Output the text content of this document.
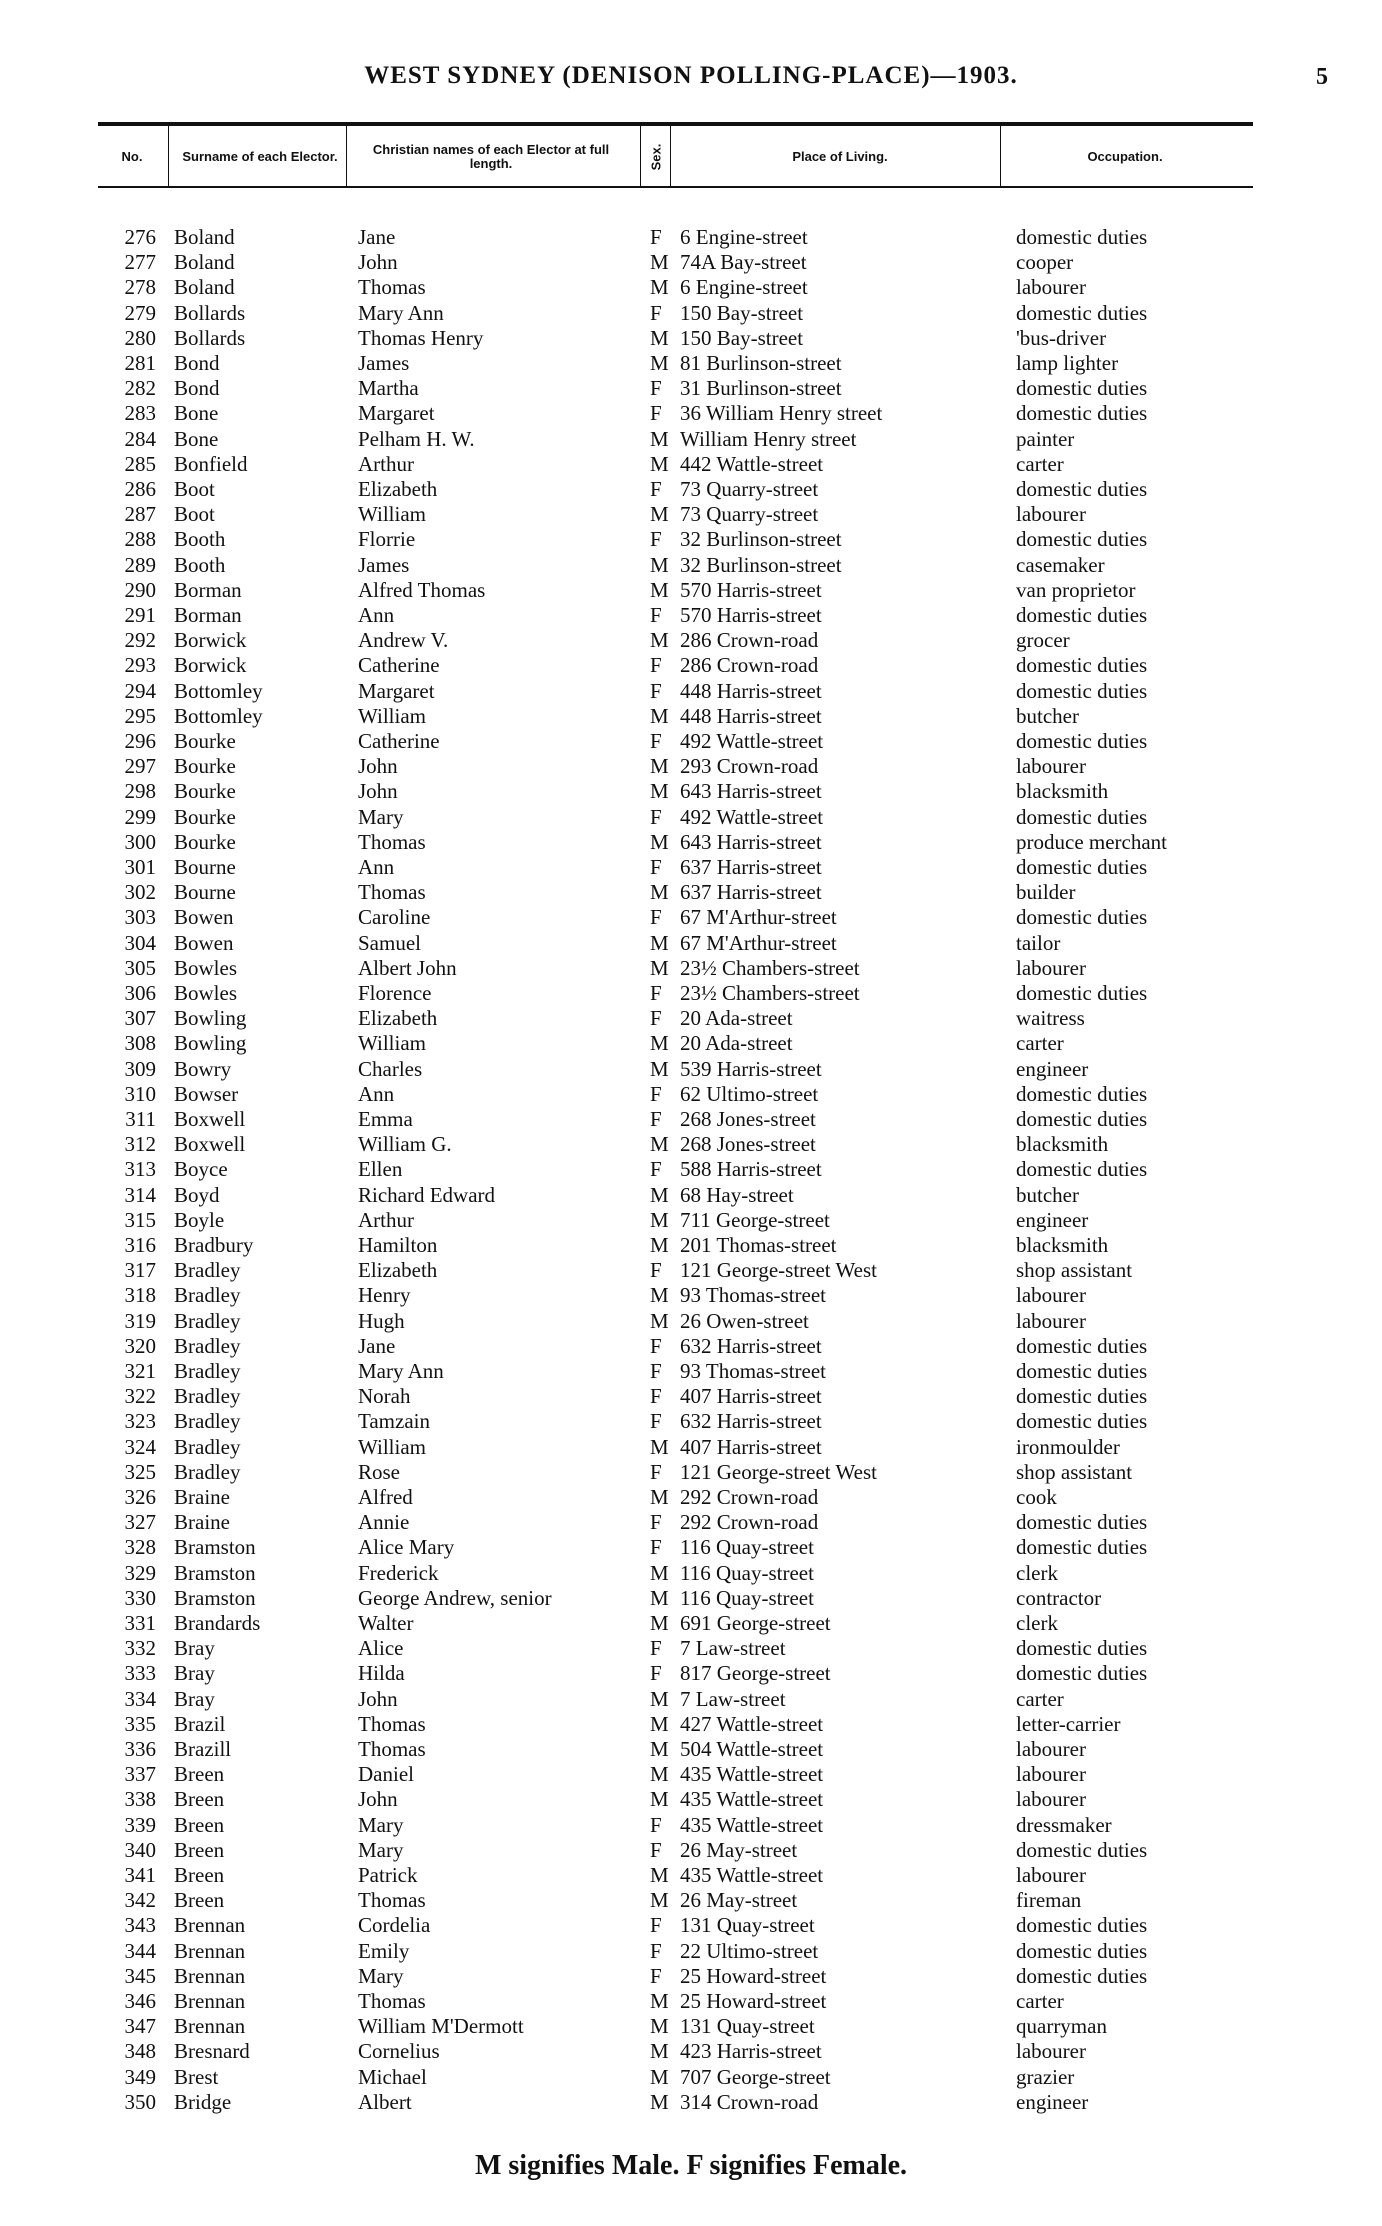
WEST SYDNEY (DENISON POLLING-PLACE)—1903.	5
No.	Surname of each Elector.	Christian names of each Elector at full length.	Sex.	Place of Living.	Occupation.
276 Boland	Jane	F 6 Engine-street	domestic duties
277 Boland	John	M 74A Bay-street	cooper
278 Boland	Thomas	M 6 Engine-street	labourer
279 Bollards	Mary Ann	F 150 Bay-street	domestic duties
280 Bollards	Thomas Henry	M 150 Bay-street	'bus-driver
281 Bond	James	M 81 Burlinson-street	lamp lighter
282 Bond	Martha	F 31 Burlinson-street	domestic duties
283 Bone	Margaret	F 36 William Henry street	domestic duties
284 Bone	Pelham H. W.	M William Henry street	painter
285 Bonfield	Arthur	M 442 Wattle-street	carter
286 Boot	Elizabeth	F 73 Quarry-street	domestic duties
287 Boot	William	M 73 Quarry-street	labourer
288 Booth	Florrie	F 32 Burlinson-street	domestic duties
289 Booth	James	M 32 Burlinson-street	casemaker
290 Borman	Alfred Thomas	M 570 Harris-street	van proprietor
291 Borman	Ann	F 570 Harris-street	domestic duties
292 Borwick	Andrew V.	M 286 Crown-road	grocer
293 Borwick	Catherine	F 286 Crown-road	domestic duties
294 Bottomley	Margaret	F 448 Harris-street	domestic duties
295 Bottomley	William	M 448 Harris-street	butcher
296 Bourke	Catherine	F 492 Wattle-street	domestic duties
297 Bourke	John	M 293 Crown-road	labourer
298 Bourke	John	M 643 Harris-street	blacksmith
299 Bourke	Mary	F 492 Wattle-street	domestic duties
300 Bourke	Thomas	M 643 Harris-street	produce merchant
301 Bourne	Ann	F 637 Harris-street	domestic duties
302 Bourne	Thomas	M 637 Harris-street	builder
303 Bowen	Caroline	F 67 M'Arthur-street	domestic duties
304 Bowen	Samuel	M 67 M'Arthur-street	tailor
305 Bowles	Albert John	M 23½ Chambers-street	labourer
306 Bowles	Florence	F 23½ Chambers-street	domestic duties
307 Bowling	Elizabeth	F 20 Ada-street	waitress
308 Bowling	William	M 20 Ada-street	carter
309 Bowry	Charles	M 539 Harris-street	engineer
310 Bowser	Ann	F 62 Ultimo-street	domestic duties
311 Boxwell	Emma	F 268 Jones-street	domestic duties
312 Boxwell	William G.	M 268 Jones-street	blacksmith
313 Boyce	Ellen	F 588 Harris-street	domestic duties
314 Boyd	Richard Edward	M 68 Hay-street	butcher
315 Boyle	Arthur	M 711 George-street	engineer
316 Bradbury	Hamilton	M 201 Thomas-street	blacksmith
317 Bradley	Elizabeth	F 121 George-street West	shop assistant
318 Bradley	Henry	M 93 Thomas-street	labourer
319 Bradley	Hugh	M 26 Owen-street	labourer
320 Bradley	Jane	F 632 Harris-street	domestic duties
321 Bradley	Mary Ann	F 93 Thomas-street	domestic duties
322 Bradley	Norah	F 407 Harris-street	domestic duties
323 Bradley	Tamzain	F 632 Harris-street	domestic duties
324 Bradley	William	M 407 Harris-street	ironmoulder
325 Bradley	Rose	F 121 George-street West	shop assistant
326 Braine	Alfred	M 292 Crown-road	cook
327 Braine	Annie	F 292 Crown-road	domestic duties
328 Bramston	Alice Mary	F 116 Quay-street	domestic duties
329 Bramston	Frederick	M 116 Quay-street	clerk
330 Bramston	George Andrew, senior	M 116 Quay-street	contractor
331 Brandards	Walter	M 691 George-street	clerk
332 Bray	Alice	F 7 Law-street	domestic duties
333 Bray	Hilda	F 817 George-street	domestic duties
334 Bray	John	M 7 Law-street	carter
335 Brazil	Thomas	M 427 Wattle-street	letter-carrier
336 Brazill	Thomas	M 504 Wattle-street	labourer
337 Breen	Daniel	M 435 Wattle-street	labourer
338 Breen	John	M 435 Wattle-street	labourer
339 Breen	Mary	F 435 Wattle-street	dressmaker
340 Breen	Mary	F 26 May-street	domestic duties
341 Breen	Patrick	M 435 Wattle-street	labourer
342 Breen	Thomas	M 26 May-street	fireman
343 Brennan	Cordelia	F 131 Quay-street	domestic duties
344 Brennan	Emily	F 22 Ultimo-street	domestic duties
345 Brennan	Mary	F 25 Howard-street	domestic duties
346 Brennan	Thomas	M 25 Howard-street	carter
347 Brennan	William M'Dermott	M 131 Quay-street	quarryman
348 Bresnard	Cornelius	M 423 Harris-street	labourer
349 Brest	Michael	M 707 George-street	grazier
350 Bridge	Albert	M 314 Crown-road	engineer
M signifies Male. F signifies Female.
